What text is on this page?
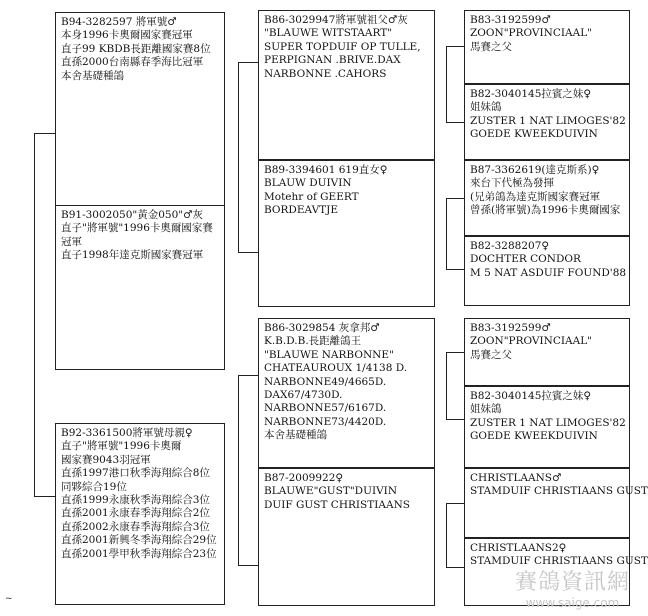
B94-3282597 將軍號♂
本身1996卡奧爾國家賽冠軍
直子99 KBDB長距離國家賽8位
直孫2000台南縣春季海比冠軍
本舍基礎種鴿
B91-3002050"黃金050"♂灰
直子"將軍號"1996卡奧爾國家賽
冠軍
直子1998年達克斯國家賽冠軍
B92-3361500將軍號母親♀
直子"將軍號"1996卡奧爾
國家賽9043羽冠軍
直孫1997港口秋季海翔綜合8位
同夥綜合19位
直孫1999永康秋季海翔綜合3位
直孫2001永康春季海翔綜合2位
直孫2002永康春季海翔綜合3位
直孫2001新興冬季海翔綜合29位
直孫2001學甲秋季海翔綜合23位
B86-3029947將軍號祖父♂灰
"BLAUWE WITSTAART"
SUPER TOPDUIF OP TULLE,
PERPIGNAN .BRIVE.DAX
NARBONNE .CAHORS
B89-3394601 619直女♀
BLAUW DUIVIN
Motehr of GEERT
BORDEAVTJE
B86-3029854 灰拿邦♂
K.B.D.B.長距離鴿王
"BLAUWE NARBONNE"
CHATEAUROUX 1/4138 D.
NARBONNE49/4665D.
DAX67/4730D.
NARBONNE57/6167D.
NARBONNE73/4420D.
本舍基礎種鴿
B87-2009922♀
BLAUWE"GUST"DUIVIN
DUIF GUST CHRISTIAANS
B83-3192599♂
ZOON"PROVINCIAAL"
馬賽之父
B82-3040145拉賓之妹♀
姐妹鴿
ZUSTER 1 NAT LIMOGES'82
GOEDE KWEEKDUIVIN
B87-3362619(達克斯系)♀
來台下代極為發揮
(兄弟鴿為達克斯國家賽冠軍
曾孫(將軍號)為1996卡奧爾國家
B82-3288207♀
DOCHTER CONDOR
M 5 NAT ASDUIF FOUND'88
B83-3192599♂
ZOON"PROVINCIAAL"
馬賽之父
B82-3040145拉賓之妹♀
姐妹鴿
ZUSTER 1 NAT LIMOGES'82
GOEDE KWEEKDUIVIN
CHRISTLAANS♂
STAMDUIF CHRISTIAANS GUST
CHRISTLAANS2♀
STAMDUIF CHRISTIAANS GUST
賽鴿資訊網
www.saige.com
~
